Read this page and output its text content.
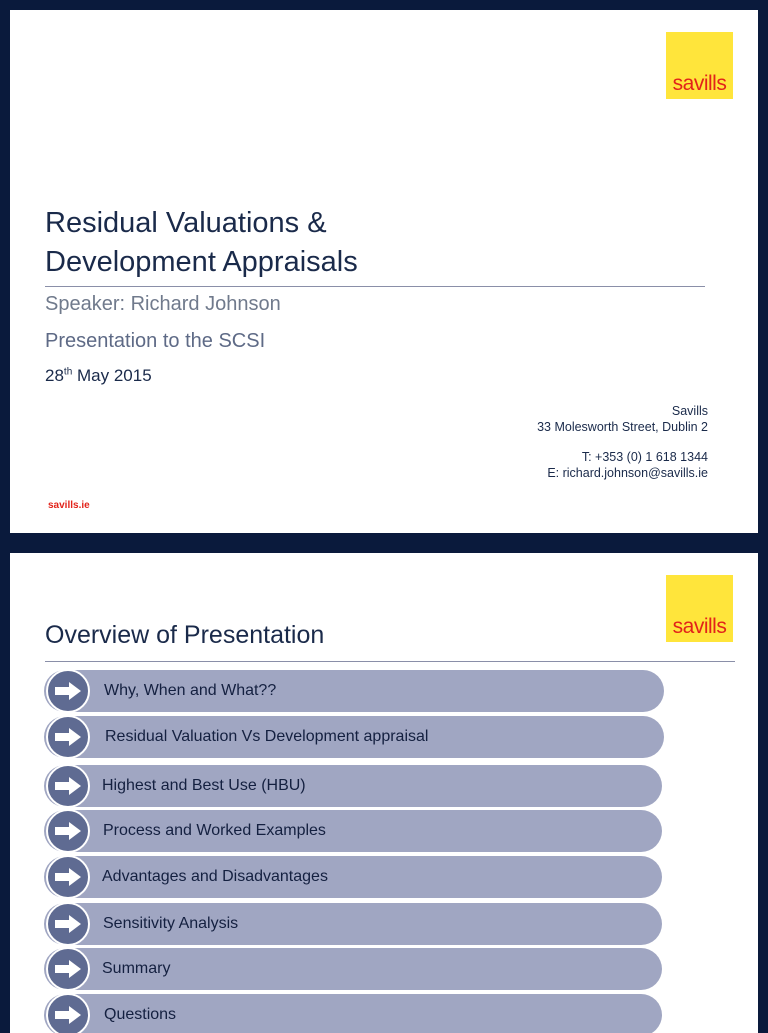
savills
Residual Valuations &
Development Appraisals
Speaker: Richard Johnson
Presentation to the SCSI
28th May 2015
Savills
33 Molesworth Street, Dublin 2
T: +353 (0) 1 618 1344
E: richard.johnson@savills.ie
savills.ie
savills
Overview of Presentation
Why, When and What??
Residual Valuation Vs Development appraisal
Highest and Best Use (HBU)
Process and Worked Examples
Advantages and Disadvantages
Sensitivity Analysis
Summary
Questions
